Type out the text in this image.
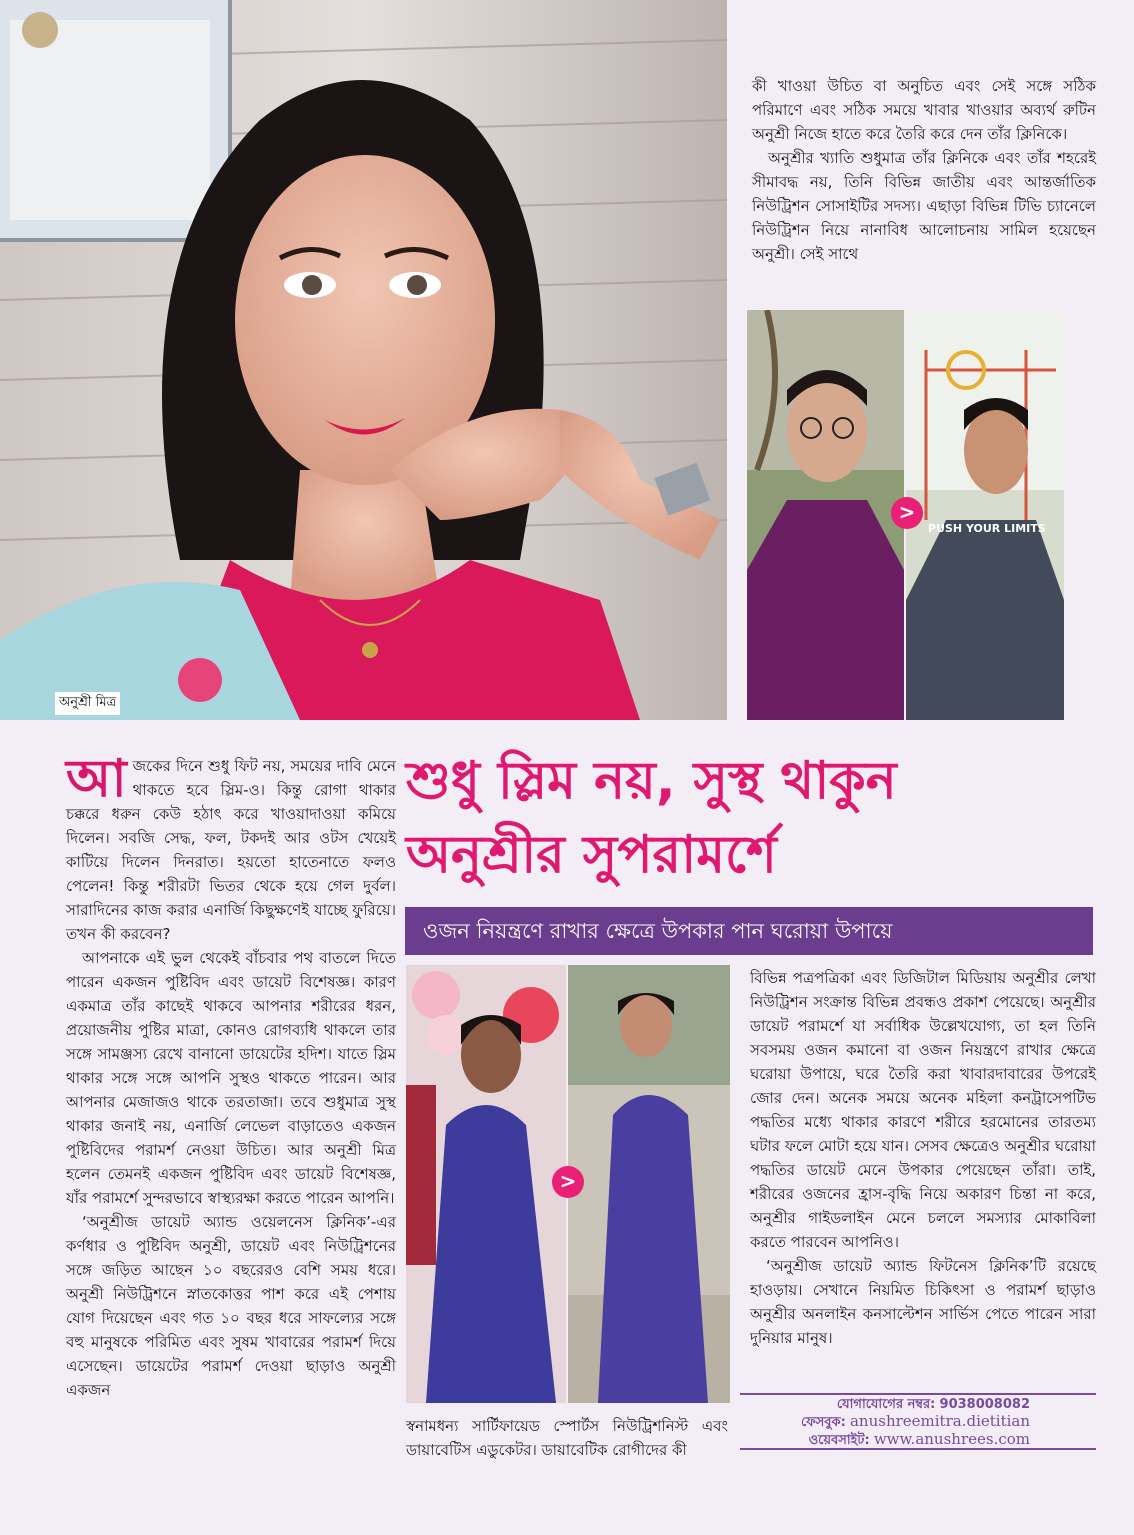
অনুশ্রী মিত্র

কী খাওয়া উচিত বা অনুচিত এবং সেই সঙ্গে সঠিক পরিমাণে এবং সঠিক সময়ে খাবার খাওয়ার অব্যর্থ রুটিন অনুশ্রী নিজে হাতে করে তৈরি করে দেন তাঁর ক্লিনিকে।

অনুশ্রীর খ্যাতি শুধুমাত্র তাঁর ক্লিনিকে এবং তাঁর শহরেই সীমাবদ্ধ নয়, তিনি বিভিন্ন জাতীয় এবং আন্তর্জাতিক নিউট্রিশন সোসাইটির সদস্য। এছাড়া বিভিন্ন টিভি চ্যানেলে নিউট্রিশন নিয়ে নানাবিধ আলোচনায় সামিল হয়েছেন অনুশ্রী। সেই সাথে

PUSH YOUR LIMITS
>
শুধু স্লিম নয়, সুস্থ থাকুন
অনুশ্রীর সুপরামর্শে
ওজন নিয়ন্ত্রণে রাখার ক্ষেত্রে উপকার পান ঘরোয়া উপায়ে

আজকের দিনে শুধু ফিট নয়, সময়ের দাবি মেনে থাকতে হবে স্লিম-ও। কিন্তু রোগা থাকার চক্করে ধরুন কেউ হঠাৎ করে খাওয়াদাওয়া কমিয়ে দিলেন। সবজি সেদ্ধ, ফল, টকদই আর ওটস খেয়েই কাটিয়ে দিলেন দিনরাত। হয়তো হাতেনাতে ফলও পেলেন! কিন্তু শরীরটা ভিতর থেকে হয়ে গেল দুর্বল। সারাদিনের কাজ করার এনার্জি কিছুক্ষণেই যাচ্ছে ফুরিয়ে। তখন কী করবেন?

আপনাকে এই ভুল থেকেই বাঁচবার পথ বাতলে দিতে পারেন একজন পুষ্টিবিদ এবং ডায়েট বিশেষজ্ঞ। কারণ একমাত্র তাঁর কাছেই থাকবে আপনার শরীরের ধরন, প্রয়োজনীয় পুষ্টির মাত্রা, কোনও রোগব্যধি থাকলে তার সঙ্গে সামঞ্জস্য রেখে বানানো ডায়েটের হদিশ। যাতে স্লিম থাকার সঙ্গে সঙ্গে আপনি সুস্থও থাকতে পারেন। আর আপনার মেজাজও থাকে তরতাজা। তবে শুধুমাত্র সুস্থ থাকার জনাই নয়, এনার্জি লেভেল বাড়াতেও একজন পুষ্টিবিদের পরামর্শ নেওয়া উচিত। আর অনুশ্রী মিত্র হলেন তেমনই একজন পুষ্টিবিদ এবং ডায়েট বিশেষজ্ঞ, যাঁর পরামর্শে সুন্দরভাবে স্বাস্থ্যরক্ষা করতে পারেন আপনি।

‘অনুশ্রীজ ডায়েট অ্যান্ড ওয়েলনেস ক্লিনিক’-এর কর্ণধার ও পুষ্টিবিদ অনুশ্রী, ডায়েট এবং নিউট্রিশনের সঙ্গে জড়িত আছেন ১০ বছরেরও বেশি সময় ধরে। অনুশ্রী নিউট্রিশনে স্নাতকোত্তর পাশ করে এই পেশায় যোগ দিয়েছেন এবং গত ১০ বছর ধরে সাফল্যের সঙ্গে বহু মানুষকে পরিমিত এবং সুষম খাবারের পরামর্শ দিয়ে এসেছেন। ডায়েটের পরামর্শ দেওয়া ছাড়াও অনুশ্রী একজন

>
স্বনামধন্য সার্টিফায়েড স্পোর্টস নিউট্রিশনিস্ট এবং ডায়াবেটিস এডুকেটর। ডায়াবেটিক রোগীদের কী

বিভিন্ন পত্রপত্রিকা এবং ডিজিটাল মিডিয়ায় অনুশ্রীর লেখা নিউট্রিশন সংক্রান্ত বিভিন্ন প্রবন্ধও প্রকাশ পেয়েছে। অনুশ্রীর ডায়েট পরামর্শে যা সর্বাধিক উল্লেখযোগ্য, তা হল তিনি সবসময় ওজন কমানো বা ওজন নিয়ন্ত্রণে রাখার ক্ষেত্রে ঘরোয়া উপায়ে, ঘরে তৈরি করা খাবারদাবারের উপরেই জোর দেন। অনেক সময়ে অনেক মহিলা কনট্রাসেপটিভ পদ্ধতির মধ্যে থাকার কারণে শরীরে হরমোনের তারতম্য ঘটার ফলে মোটা হয়ে যান। সেসব ক্ষেত্রেও অনুশ্রীর ঘরোয়া পদ্ধতির ডায়েট মেনে উপকার পেয়েছেন তাঁরা। তাই, শরীরের ওজনের হ্রাস-বৃদ্ধি নিয়ে অকারণ চিন্তা না করে, অনুশ্রীর গাইডলাইন মেনে চললে সমস্যার মোকাবিলা করতে পারবেন আপনিও।

‘অনুশ্রীজ ডায়েট অ্যান্ড ফিটনেস ক্লিনিক’টি রয়েছে হাওড়ায়। সেখানে নিয়মিত চিকিৎসা ও পরামর্শ ছাড়াও অনুশ্রীর অনলাইন কনসাল্টেশন সার্ভিস পেতে পারেন সারা দুনিয়ার মানুষ।

যোগাযোগের নম্বর: 9038008082
ফেসবুক: anushreemitra.dietitian
ওয়েবসাইট: www.anushrees.com
